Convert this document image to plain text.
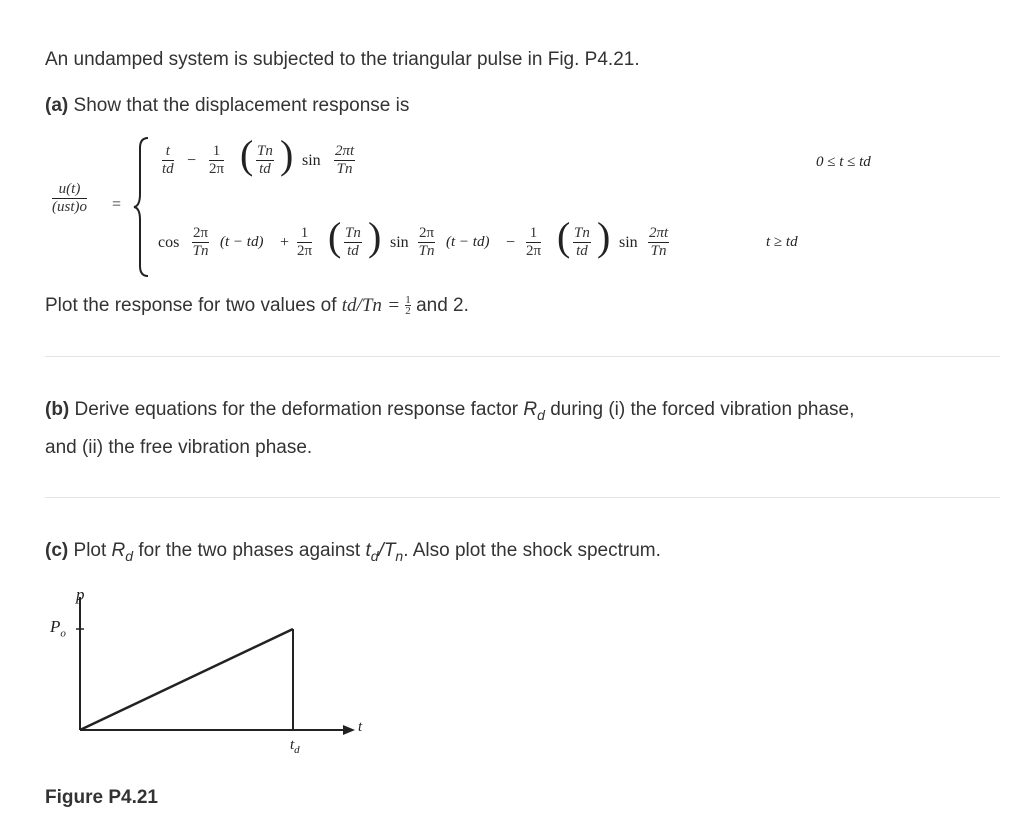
An undamped system is subjected to the triangular pulse in Fig. P4.21.
(a) Show that the displacement response is
u(t)
(ust)o =
$\frac{t}{td} - \frac{1}{2\pi}$ ( $\frac{Tn}{td}$ ) $\sin \frac{2\pi t}{Tn}$	0 ≤ t ≤ td
$\cos \frac{2\pi}{Tn} (t - td) + \frac{1}{2\pi}$ ( $\frac{Tn}{td}$ ) $\sin \frac{2\pi}{Tn} (t - td) - \frac{1}{2\pi}$ ( $\frac{Tn}{td}$ ) $\sin \frac{2\pi t}{Tn}$	t ≥ td
Plot the response for two values of $td/Tn = \frac{1}{2}$ and 2.
(b) Derive equations for the deformation response factor $R_d$ during (i) the forced vibration phase,
and (ii) the free vibration phase.
(c) Plot $R_d$ for the two phases against $t_d/T_n$. Also plot the shock spectrum.
p
$P_o$
t
$t_d$
Figure P4.21
